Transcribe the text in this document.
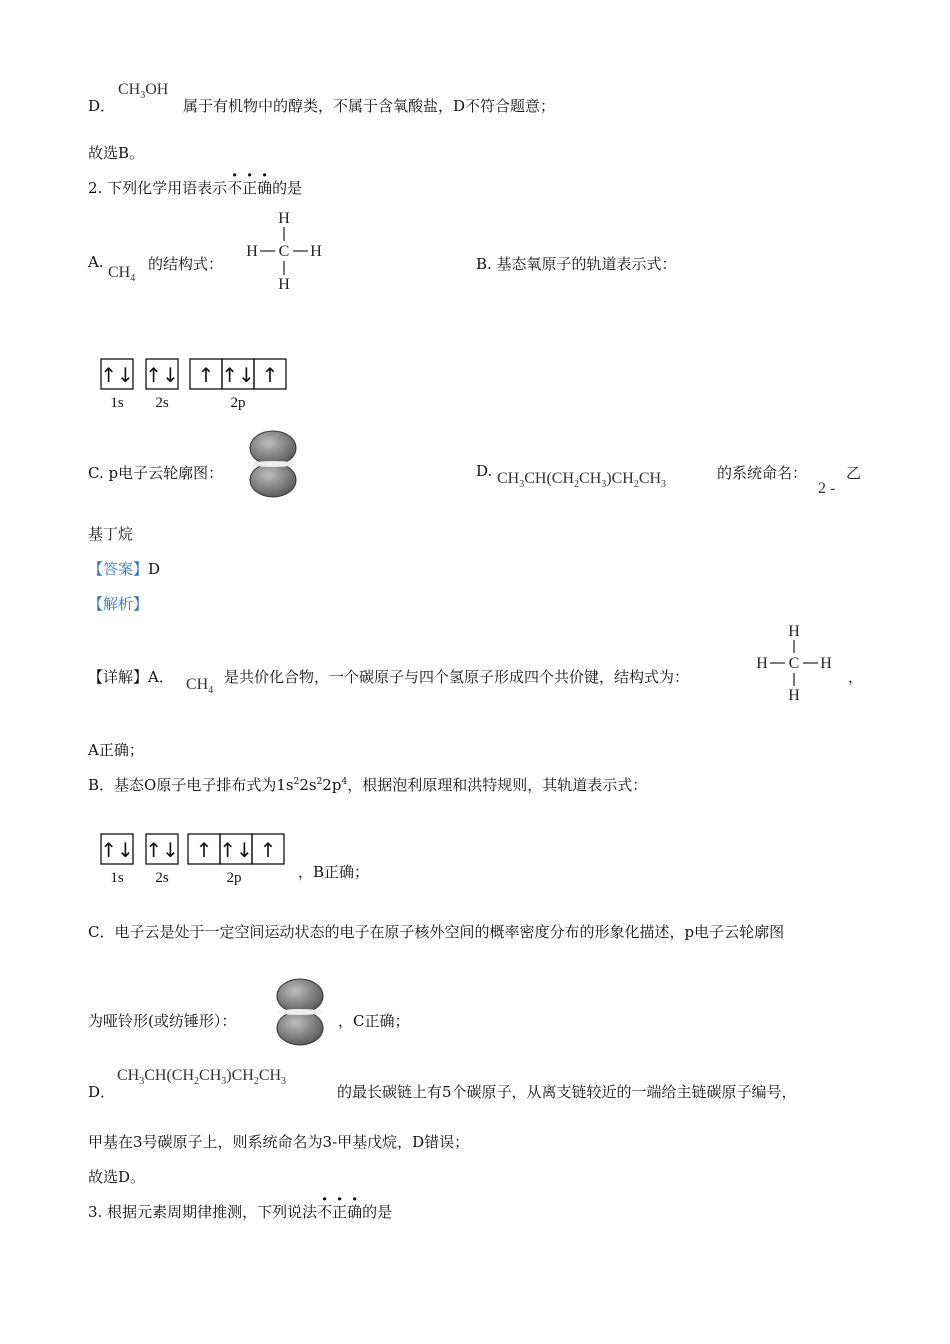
D．
$CH_3OH$
属于有机物中的醇类，不属于含氧酸盐，D不符合题意；
故选B。
2. 下列化学用语表示不正确的是
A.
$CH_4$
的结构式：
H
H C H
H
B. 基态氧原子的轨道表示式：
↑↓ ↑↓ ↑ ↑↓ ↑
1s 2s	2p
C. p电子云轮廓图：	D. $CH_3CH(CH_2CH_3)CH_2CH_3$
的系统命名：	乙
2 -
基丁烷
【答案】D
【解析】
【详解】A． $CH_4$
是共价化合物，一个碳原子与四个氢原子形成四个共价键，结构式为：
H
H C H
H
，
A正确；
B．基态O原子电子排布式为$1s^22s^22p^4$，根据泡利原理和洪特规则，其轨道表示式：
↑↓ ↑↓ ↑ ↑↓ ↑
1s 2s	2p	，B正确；
C．电子云是处于一定空间运动状态的电子在原子核外空间的概率密度分布的形象化描述，p电子云轮廓图
为哑铃形(或纺锤形）：	，C正确；
D．
$CH_3CH(CH_2CH_3)CH_2CH_3$
的最长碳链上有5个碳原子，从离支链较近的一端给主链碳原子编号，
甲基在3号碳原子上，则系统命名为3-甲基戊烷，D错误；
故选D。
3. 根据元素周期律推测，下列说法不正确的是
